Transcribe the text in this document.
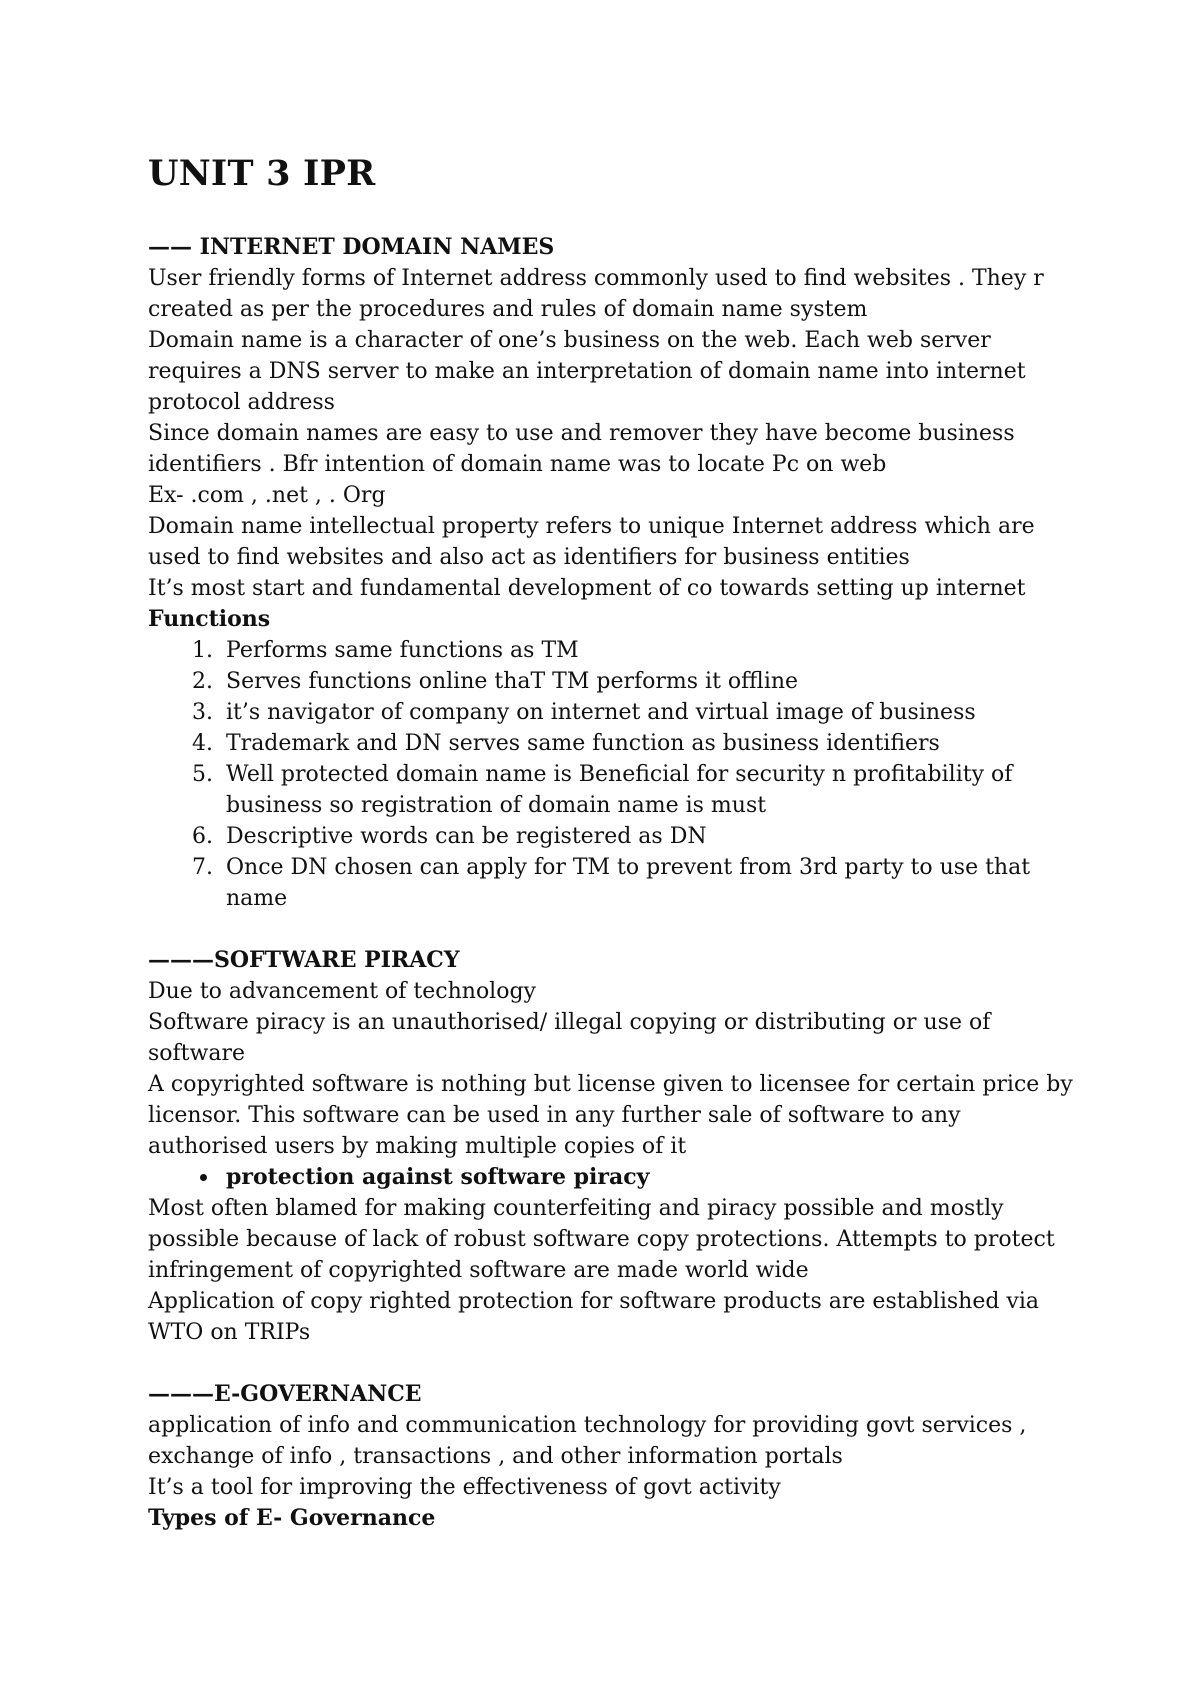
UNIT 3 IPR
—— INTERNET DOMAIN NAMES
User friendly forms of Internet address commonly used to find websites . They r created as per the procedures and rules of domain name system
Domain name is a character of one’s business on the web. Each web server requires a DNS server to make an interpretation of domain name into internet protocol address
Since domain names are easy to use and remover they have become business identifiers . Bfr intention of domain name was to locate Pc on web
Ex- .com , .net , . Org
Domain name intellectual property refers to unique Internet address which are used to find websites and also act as identifiers for business entities
It’s most start and fundamental development of co towards setting up internet
Functions
1. Performs same functions as TM
2. Serves functions online thaT TM performs it offline
3. it’s navigator of company on internet and virtual image of business
4. Trademark and DN serves same function as business identifiers
5. Well protected domain name is Beneficial for security n profitability of business so registration of domain name is must
6. Descriptive words can be registered as DN
7. Once DN chosen can apply for TM to prevent from 3rd party to use that name
———SOFTWARE PIRACY
Due to advancement of technology
Software piracy is an unauthorised/ illegal copying or distributing or use of software
A copyrighted software is nothing but license given to licensee for certain price by licensor. This software can be used in any further sale of software to any authorised users by making multiple copies of it
• protection against software piracy
Most often blamed for making counterfeiting and piracy possible and mostly possible because of lack of robust software copy protections. Attempts to protect infringement of copyrighted software are made world wide
Application of copy righted protection for software products are established via WTO on TRIPs
———E-GOVERNANCE
application of info and communication technology for providing govt services , exchange of info , transactions , and other information portals
It’s a tool for improving the effectiveness of govt activity
Types of E- Governance
